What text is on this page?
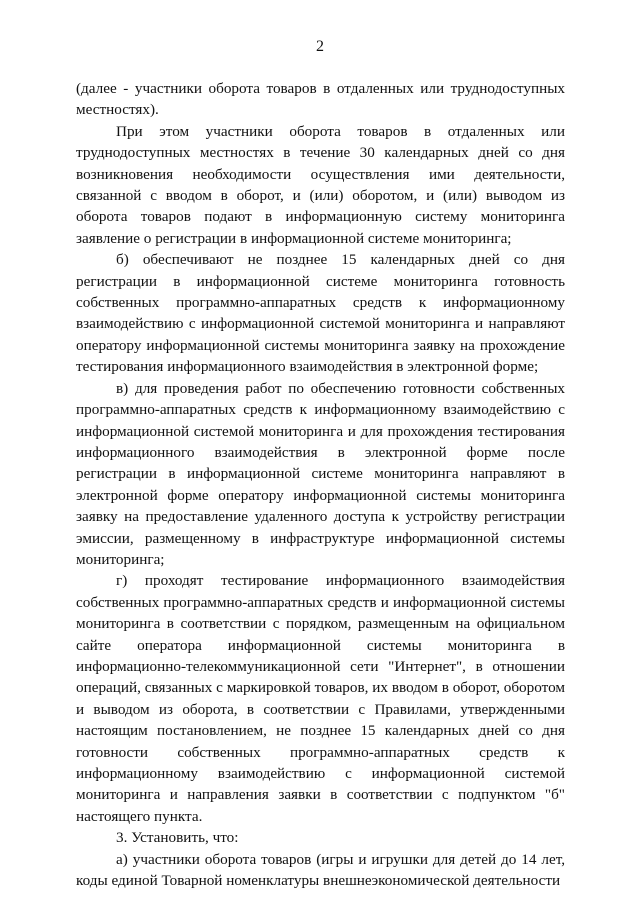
2

(далее - участники оборота товаров в отдаленных или труднодоступных местностях).

При этом участники оборота товаров в отдаленных или труднодоступных местностях в течение 30 календарных дней со дня возникновения необходимости осуществления ими деятельности, связанной с вводом в оборот, и (или) оборотом, и (или) выводом из оборота товаров подают в информационную систему мониторинга заявление о регистрации в информационной системе мониторинга;

б) обеспечивают не позднее 15 календарных дней со дня регистрации в информационной системе мониторинга готовность собственных программно-аппаратных средств к информационному взаимодействию с информационной системой мониторинга и направляют оператору информационной системы мониторинга заявку на прохождение тестирования информационного взаимодействия в электронной форме;

в) для проведения работ по обеспечению готовности собственных программно-аппаратных средств к информационному взаимодействию с информационной системой мониторинга и для прохождения тестирования информационного взаимодействия в электронной форме после регистрации в информационной системе мониторинга направляют в электронной форме оператору информационной системы мониторинга заявку на предоставление удаленного доступа к устройству регистрации эмиссии, размещенному в инфраструктуре информационной системы мониторинга;

г) проходят тестирование информационного взаимодействия собственных программно-аппаратных средств и информационной системы мониторинга в соответствии с порядком, размещенным на официальном сайте оператора информационной системы мониторинга в информационно-телекоммуникационной сети "Интернет", в отношении операций, связанных с маркировкой товаров, их вводом в оборот, оборотом и выводом из оборота, в соответствии с Правилами, утвержденными настоящим постановлением, не позднее 15 календарных дней со дня готовности собственных программно-аппаратных средств к информационному взаимодействию с информационной системой мониторинга и направления заявки в соответствии с подпунктом "б" настоящего пункта.

3. Установить, что:

а) участники оборота товаров (игры и игрушки для детей до 14 лет, коды единой Товарной номенклатуры внешнеэкономической деятельности
